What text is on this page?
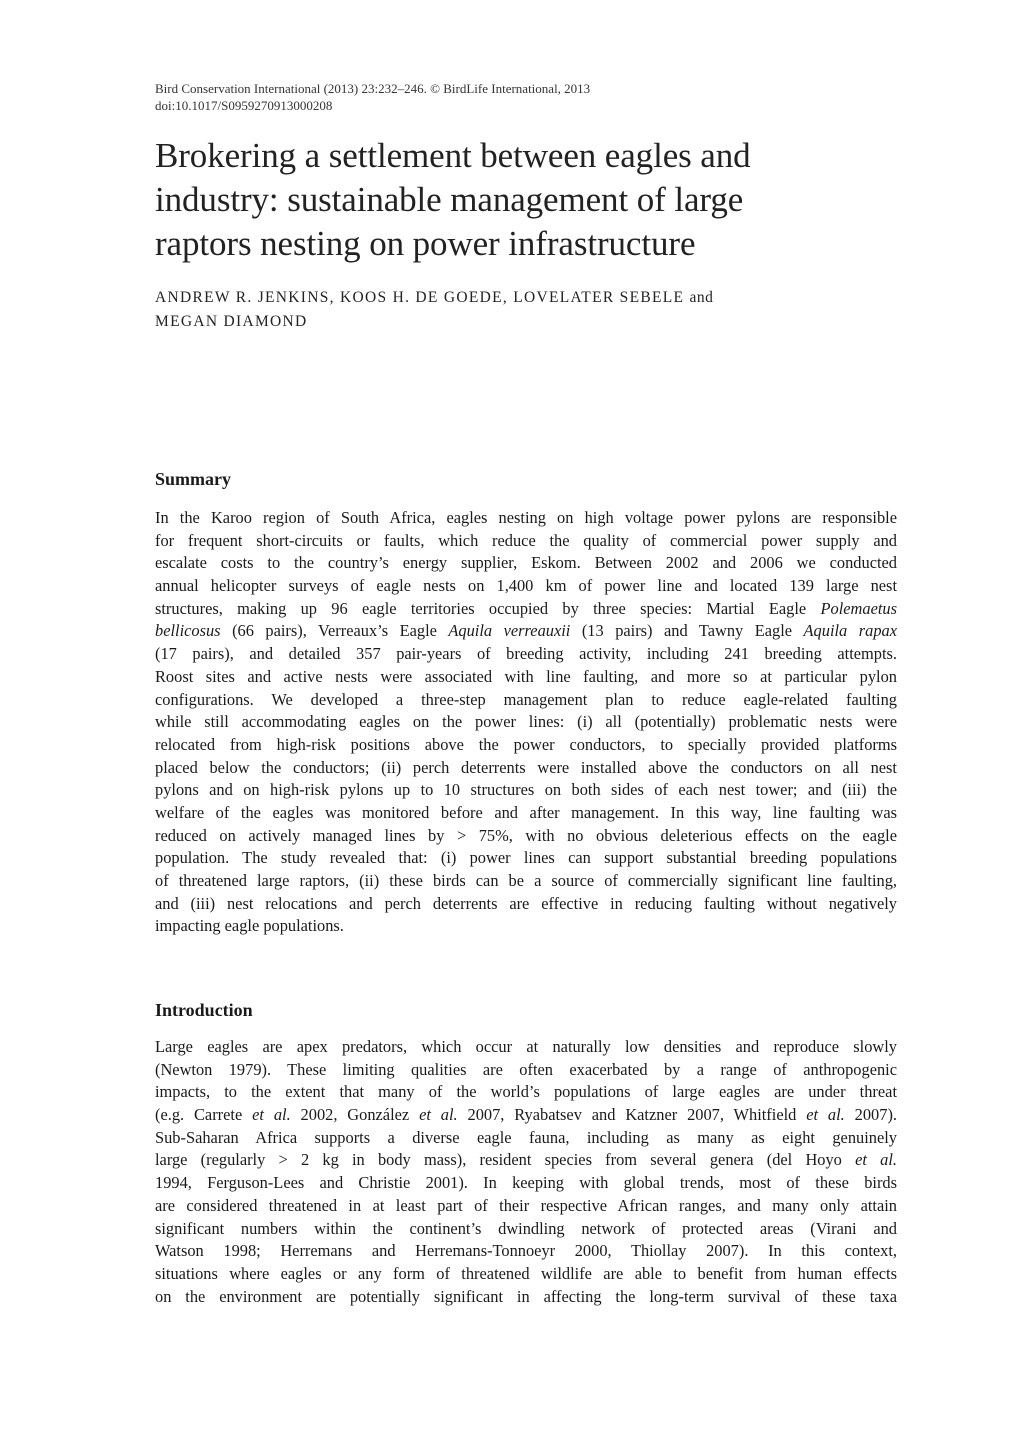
Bird Conservation International (2013) 23:232–246. © BirdLife International, 2013
doi:10.1017/S0959270913000208
Brokering a settlement between eagles and
industry: sustainable management of large
raptors nesting on power infrastructure
ANDREW R. JENKINS, KOOS H. DE GOEDE, LOVELATER SEBELE and
MEGAN DIAMOND
Summary
In the Karoo region of South Africa, eagles nesting on high voltage power pylons are responsible
for frequent short-circuits or faults, which reduce the quality of commercial power supply and
escalate costs to the country’s energy supplier, Eskom. Between 2002 and 2006 we conducted
annual helicopter surveys of eagle nests on 1,400 km of power line and located 139 large nest
structures, making up 96 eagle territories occupied by three species: Martial Eagle Polemaetus
bellicosus (66 pairs), Verreaux’s Eagle Aquila verreauxii (13 pairs) and Tawny Eagle Aquila rapax
(17 pairs), and detailed 357 pair-years of breeding activity, including 241 breeding attempts.
Roost sites and active nests were associated with line faulting, and more so at particular pylon
configurations. We developed a three-step management plan to reduce eagle-related faulting
while still accommodating eagles on the power lines: (i) all (potentially) problematic nests were
relocated from high-risk positions above the power conductors, to specially provided platforms
placed below the conductors; (ii) perch deterrents were installed above the conductors on all nest
pylons and on high-risk pylons up to 10 structures on both sides of each nest tower; and (iii) the
welfare of the eagles was monitored before and after management. In this way, line faulting was
reduced on actively managed lines by > 75%, with no obvious deleterious effects on the eagle
population. The study revealed that: (i) power lines can support substantial breeding populations
of threatened large raptors, (ii) these birds can be a source of commercially significant line faulting,
and (iii) nest relocations and perch deterrents are effective in reducing faulting without negatively
impacting eagle populations.
Introduction
Large eagles are apex predators, which occur at naturally low densities and reproduce slowly
(Newton 1979). These limiting qualities are often exacerbated by a range of anthropogenic
impacts, to the extent that many of the world’s populations of large eagles are under threat
(e.g. Carrete et al. 2002, González et al. 2007, Ryabatsev and Katzner 2007, Whitfield et al. 2007).
Sub-Saharan Africa supports a diverse eagle fauna, including as many as eight genuinely
large (regularly > 2 kg in body mass), resident species from several genera (del Hoyo et al.
1994, Ferguson-Lees and Christie 2001). In keeping with global trends, most of these birds
are considered threatened in at least part of their respective African ranges, and many only attain
significant numbers within the continent’s dwindling network of protected areas (Virani and
Watson 1998; Herremans and Herremans-Tonnoeyr 2000, Thiollay 2007). In this context,
situations where eagles or any form of threatened wildlife are able to benefit from human effects
on the environment are potentially significant in affecting the long-term survival of these taxa
